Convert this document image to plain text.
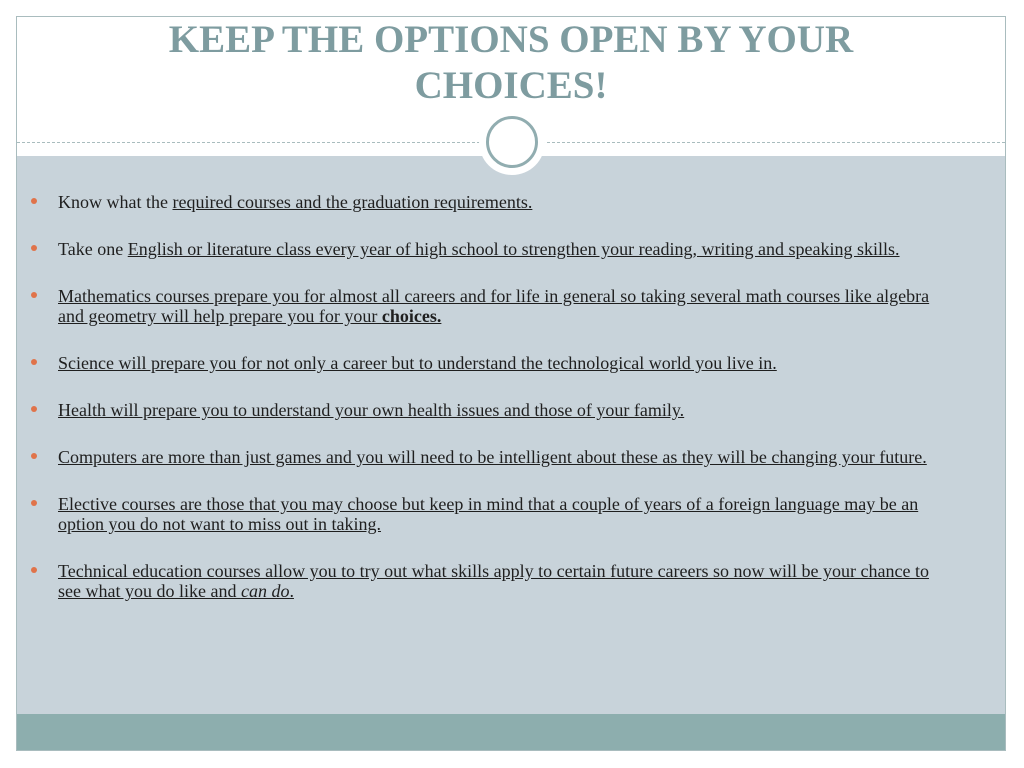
KEEP THE OPTIONS OPEN BY YOUR CHOICES!
Know what the required courses and the graduation requirements.
Take one English or literature class every year of high school to strengthen your reading, writing and speaking skills.
Mathematics courses prepare you for almost all careers and for life in general so taking several math courses like algebra and geometry will help prepare you for your choices.
Science will prepare you for not only a career but to understand the technological world you live in.
Health will prepare you to understand your own health issues and those of your family.
Computers are more than just games and you will need to be intelligent about these as they will be changing your future.
Elective courses are those that you may choose but keep in mind that a couple of years of a foreign language may be an option you do not want to miss out in taking.
Technical education courses allow you to try out what skills apply to certain future careers so now will be your chance to see what you do like and can do.
